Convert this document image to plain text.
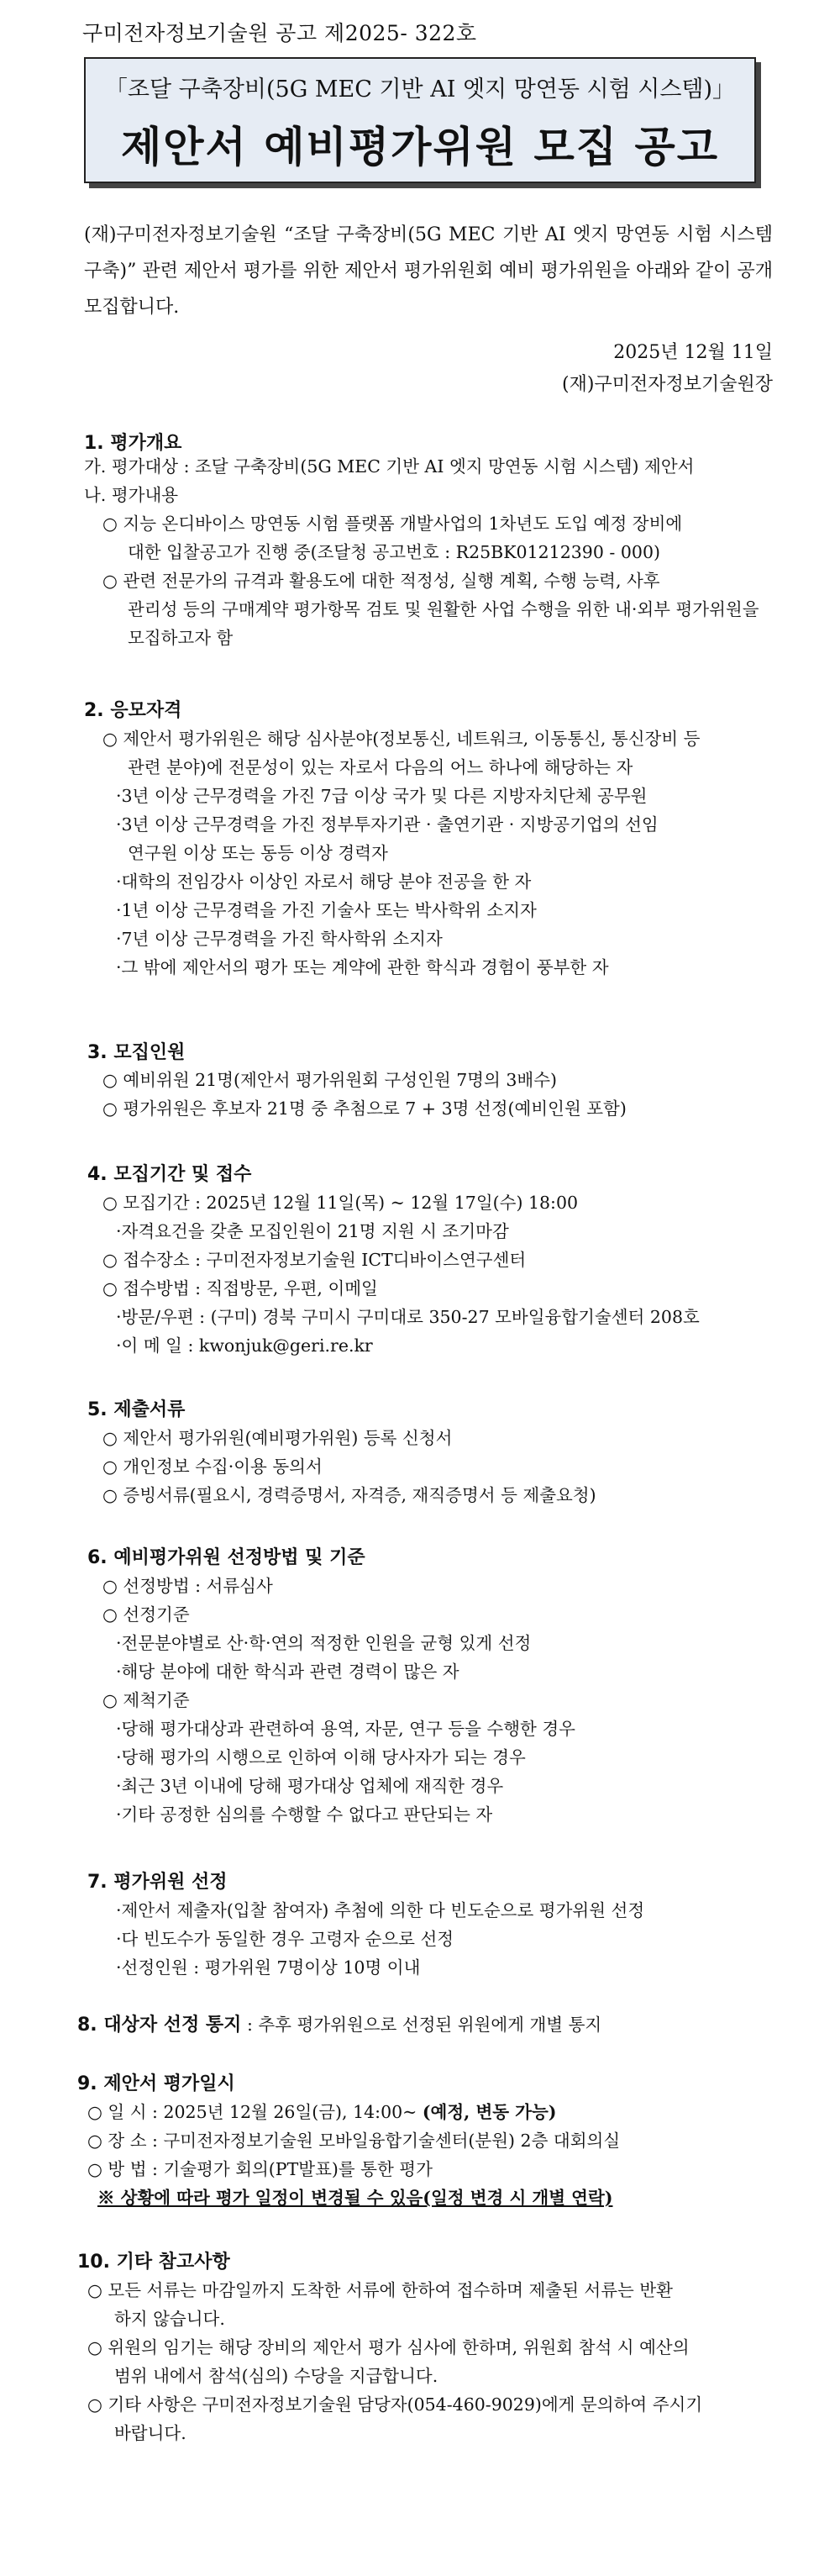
구미전자정보기술원 공고 제2025- 322호
「조달 구축장비(5G MEC 기반 AI 엣지 망연동 시험 시스템)」
제안서 예비평가위원 모집 공고
(재)구미전자정보기술원 “조달 구축장비(5G MEC 기반 AI 엣지 망연동 시험 시스템 구축)” 관련 제안서 평가를 위한 제안서 평가위원회 예비 평가위원을 아래와 같이 공개 모집합니다.
2025년 12월 11일
(재)구미전자정보기술원장
1. 평가개요
가. 평가대상 : 조달 구축장비(5G MEC 기반 AI 엣지 망연동 시험 시스템) 제안서
나. 평가내용
○ 지능 온디바이스 망연동 시험 플랫폼 개발사업의 1차년도 도입 예정 장비에
대한 입찰공고가 진행 중(조달청 공고번호 : R25BK01212390 - 000)
○ 관련 전문가의 규격과 활용도에 대한 적정성, 실행 계획, 수행 능력, 사후
관리성 등의 구매계약 평가항목 검토 및 원활한 사업 수행을 위한 내·외부 평가위원을
모집하고자 함
2. 응모자격
○ 제안서 평가위원은 해당 심사분야(정보통신, 네트워크, 이동통신, 통신장비 등
관련 분야)에 전문성이 있는 자로서 다음의 어느 하나에 해당하는 자
·3년 이상 근무경력을 가진 7급 이상 국가 및 다른 지방자치단체 공무원
·3년 이상 근무경력을 가진 정부투자기관 · 출연기관 · 지방공기업의 선임
연구원 이상 또는 동등 이상 경력자
·대학의 전임강사 이상인 자로서 해당 분야 전공을 한 자
·1년 이상 근무경력을 가진 기술사 또는 박사학위 소지자
·7년 이상 근무경력을 가진 학사학위 소지자
·그 밖에 제안서의 평가 또는 계약에 관한 학식과 경험이 풍부한 자
3. 모집인원
○ 예비위원 21명(제안서 평가위원회 구성인원 7명의 3배수)
○ 평가위원은 후보자 21명 중 추첨으로 7 + 3명 선정(예비인원 포함)
4. 모집기간 및 접수
○ 모집기간 : 2025년 12월 11일(목) ~ 12월 17일(수) 18:00
·자격요건을 갖춘 모집인원이 21명 지원 시 조기마감
○ 접수장소 : 구미전자정보기술원 ICT디바이스연구센터
○ 접수방법 : 직접방문, 우편, 이메일
·방문/우편 : (구미) 경북 구미시 구미대로 350-27 모바일융합기술센터 208호
·이 메 일 : kwonjuk@geri.re.kr
5. 제출서류
○ 제안서 평가위원(예비평가위원) 등록 신청서
○ 개인정보 수집·이용 동의서
○ 증빙서류(필요시, 경력증명서, 자격증, 재직증명서 등 제출요청)
6. 예비평가위원 선정방법 및 기준
○ 선정방법 : 서류심사
○ 선정기준
·전문분야별로 산·학·연의 적정한 인원을 균형 있게 선정
·해당 분야에 대한 학식과 관련 경력이 많은 자
○ 제척기준
·당해 평가대상과 관련하여 용역, 자문, 연구 등을 수행한 경우
·당해 평가의 시행으로 인하여 이해 당사자가 되는 경우
·최근 3년 이내에 당해 평가대상 업체에 재직한 경우
·기타 공정한 심의를 수행할 수 없다고 판단되는 자
7. 평가위원 선정
·제안서 제출자(입찰 참여자) 추첨에 의한 다 빈도순으로 평가위원 선정
·다 빈도수가 동일한 경우 고령자 순으로 선정
·선정인원 : 평가위원 7명이상 10명 이내
8. 대상자 선정 통지 : 추후 평가위원으로 선정된 위원에게 개별 통지
9. 제안서 평가일시
○ 일 시 : 2025년 12월 26일(금), 14:00~ (예정, 변동 가능)
○ 장 소 : 구미전자정보기술원 모바일융합기술센터(분원) 2층 대회의실
○ 방 법 : 기술평가 회의(PT발표)를 통한 평가
※ 상황에 따라 평가 일정이 변경될 수 있음(일정 변경 시 개별 연락)
10. 기타 참고사항
○ 모든 서류는 마감일까지 도착한 서류에 한하여 접수하며 제출된 서류는 반환
하지 않습니다.
○ 위원의 임기는 해당 장비의 제안서 평가 심사에 한하며, 위원회 참석 시 예산의
범위 내에서 참석(심의) 수당을 지급합니다.
○ 기타 사항은 구미전자정보기술원 담당자(054-460-9029)에게 문의하여 주시기
바랍니다.
